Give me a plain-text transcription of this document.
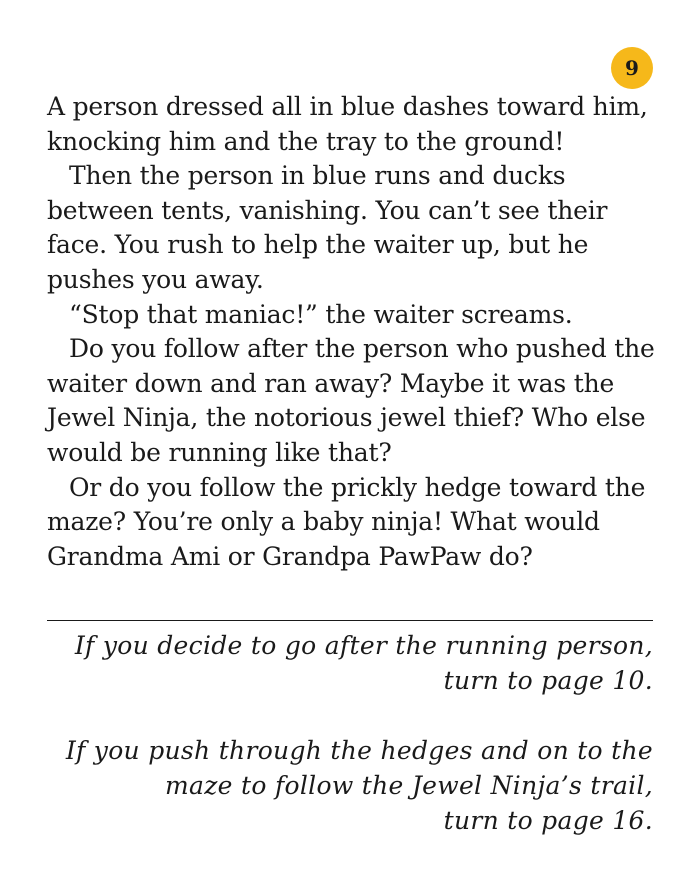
9

A person dressed all in blue dashes toward him, knocking him and the tray to the ground!

Then the person in blue runs and ducks between tents, vanishing. You can’t see their face. You rush to help the waiter up, but he pushes you away.

“Stop that maniac!” the waiter screams.

Do you follow after the person who pushed the waiter down and ran away? Maybe it was the Jewel Ninja, the notorious jewel thief? Who else would be running like that?

Or do you follow the prickly hedge toward the maze? You’re only a baby ninja! What would Grandma Ami or Grandpa PawPaw do?

If you decide to go after the running person,
turn to page 10.
If you push through the hedges and on to the
maze to follow the Jewel Ninja’s trail,
turn to page 16.
